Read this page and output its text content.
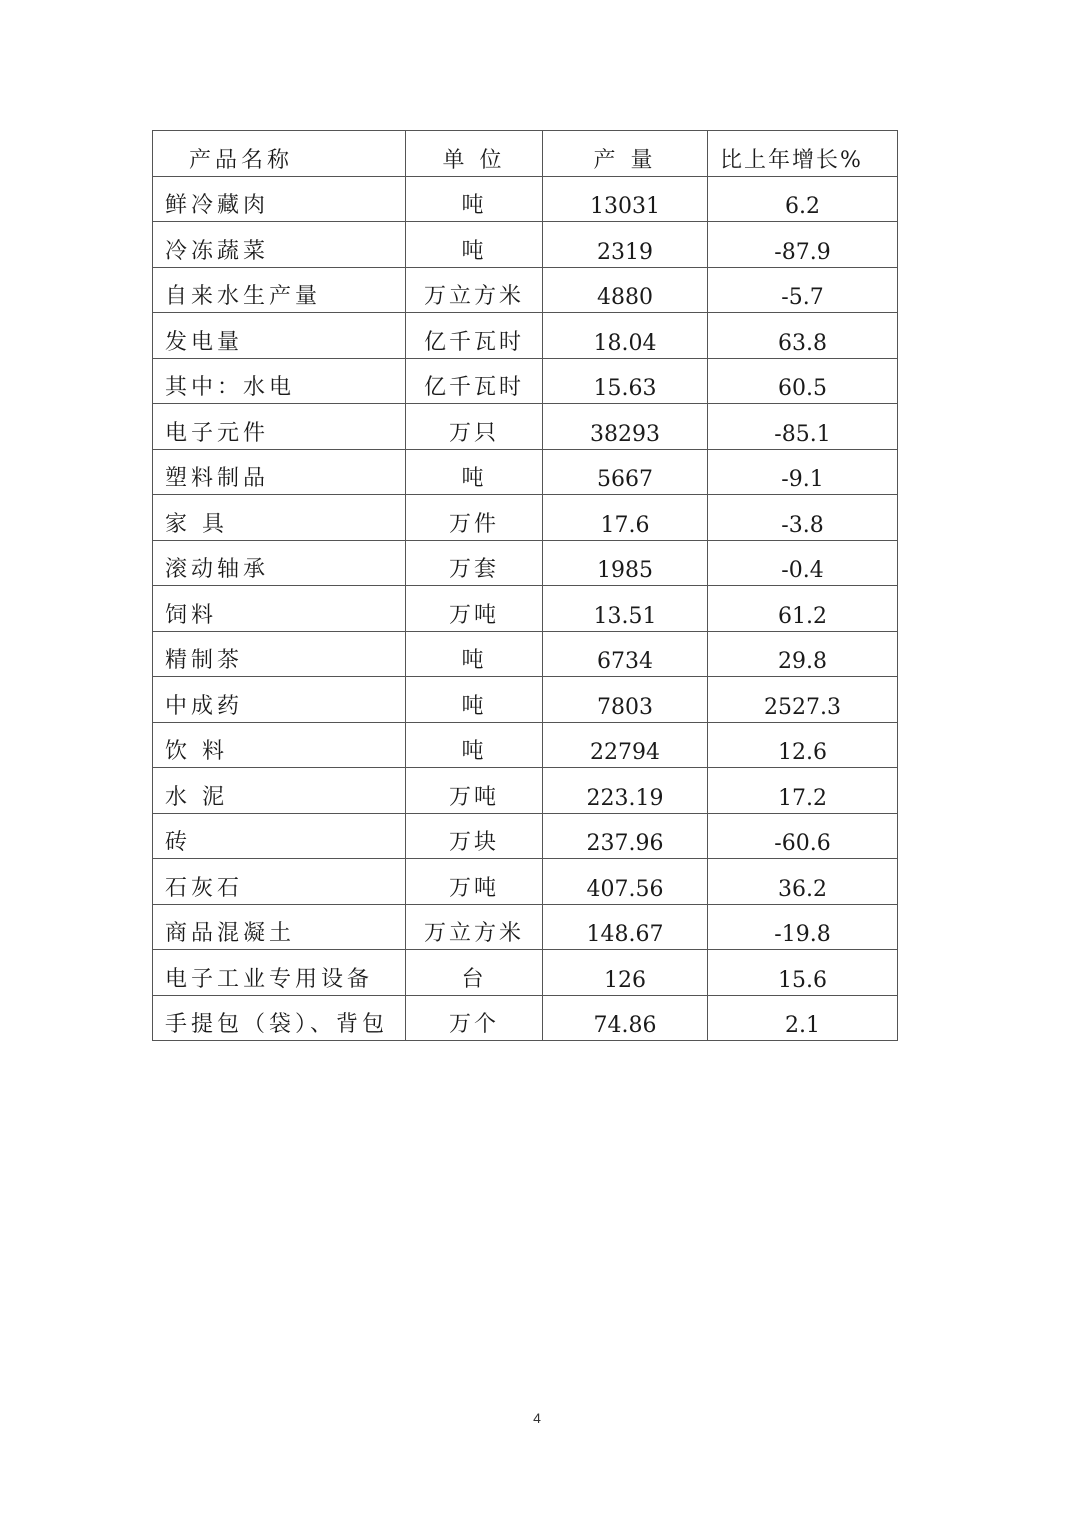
产品名称	单 位	产 量	比上年增长%
鲜冷藏肉	吨	13031	6.2
冷冻蔬菜	吨	2319	-87.9
自来水生产量	万立方米	4880	-5.7
发电量	亿千瓦时	18.04	63.8
其中：水电	亿千瓦时	15.63	60.5
电子元件	万只	38293	-85.1
塑料制品	吨	5667	-9.1
家 具	万件	17.6	-3.8
滚动轴承	万套	1985	-0.4
饲料	万吨	13.51	61.2
精制茶	吨	6734	29.8
中成药	吨	7803	2527.3
饮 料	吨	22794	12.6
水 泥	万吨	223.19	17.2
砖	万块	237.96	-60.6
石灰石	万吨	407.56	36.2
商品混凝土	万立方米	148.67	-19.8
电子工业专用设备	台	126	15.6
手提包（袋）、背包	万个	74.86	2.1
4
